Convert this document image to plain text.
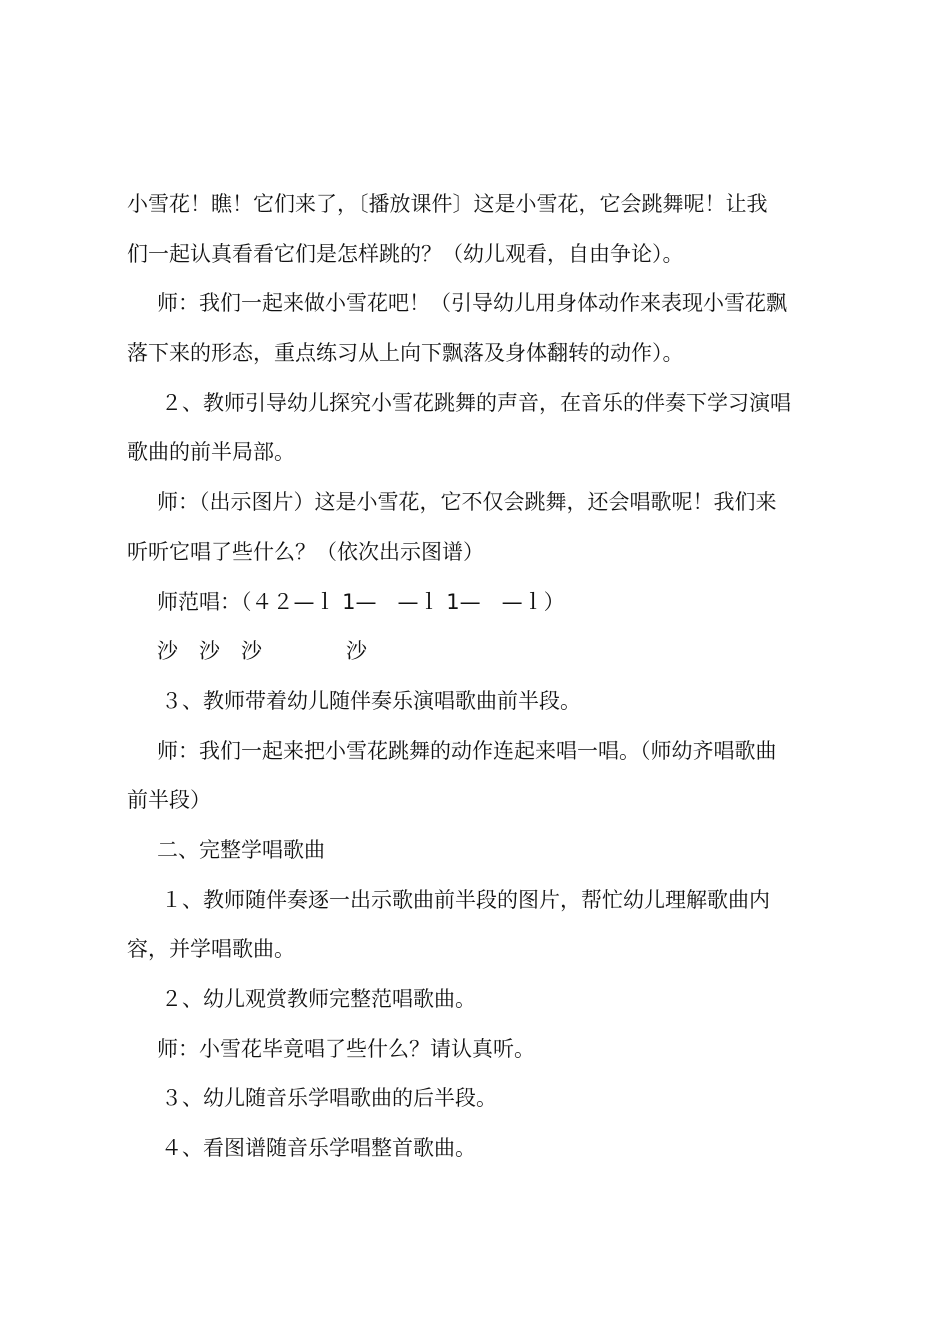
小雪花！瞧！它们来了，〔播放课件〕这是小雪花，它会跳舞呢！让我
们一起认真看看它们是怎样跳的？（幼儿观看，自由争论）。
师：我们一起来做小雪花吧！（引导幼儿用身体动作来表现小雪花飘
落下来的形态，重点练习从上向下飘落及身体翻转的动作）。
２、教师引导幼儿探究小雪花跳舞的声音，在音乐的伴奏下学习演唱
歌曲的前半局部。
师：（出示图片）这是小雪花，它不仅会跳舞，还会唱歌呢！我们来
听听它唱了些什么？（依次出示图谱）
师范唱：（４２—ｌ 1—　—ｌ 1—　—ｌ）
沙　沙　沙　　　　沙
３、教师带着幼儿随伴奏乐演唱歌曲前半段。
师：我们一起来把小雪花跳舞的动作连起来唱一唱。（师幼齐唱歌曲
前半段）
二、完整学唱歌曲
１、教师随伴奏逐一出示歌曲前半段的图片，帮忙幼儿理解歌曲内
容，并学唱歌曲。
２、幼儿观赏教师完整范唱歌曲。
师：小雪花毕竟唱了些什么？请认真听。
３、幼儿随音乐学唱歌曲的后半段。
４、看图谱随音乐学唱整首歌曲。
